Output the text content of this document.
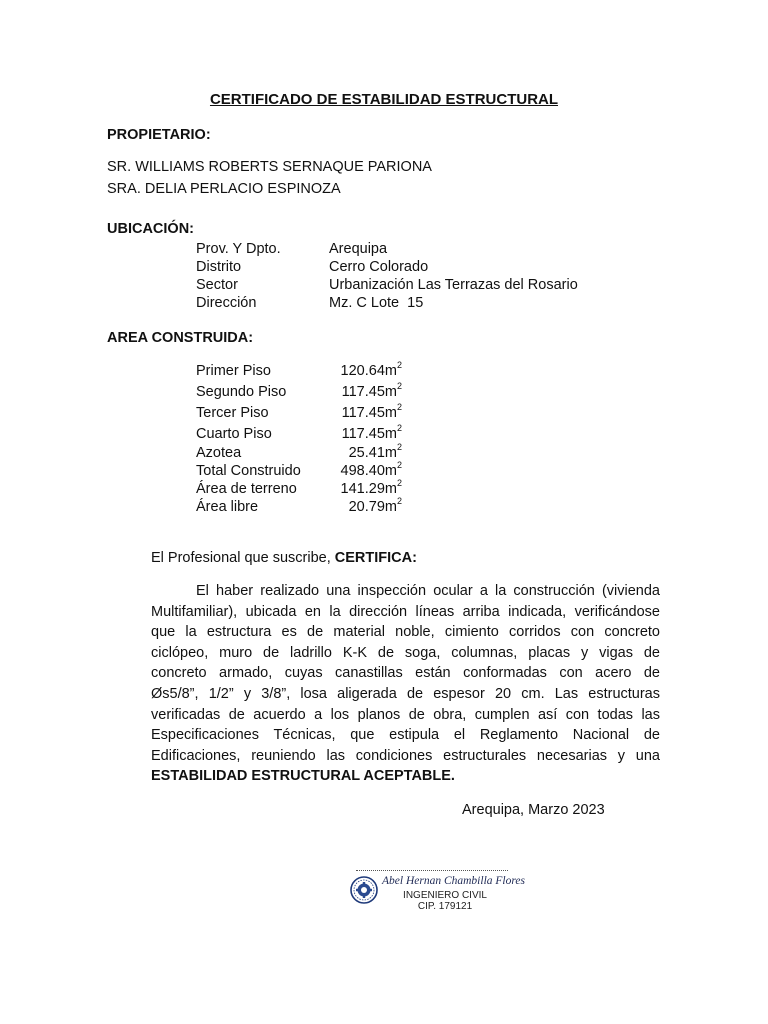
CERTIFICADO DE ESTABILIDAD ESTRUCTURAL
PROPIETARIO:
SR. WILLIAMS ROBERTS SERNAQUE PARIONA
SRA. DELIA PERLACIO ESPINOZA
UBICACIÓN:
Prov. Y Dpto.	Arequipa
Distrito	Cerro Colorado
Sector	Urbanización Las Terrazas del Rosario
Dirección	Mz. C Lote  15
AREA CONSTRUIDA:
Primer Piso	$120.64m^2$
Segundo Piso	$117.45m^2$
Tercer Piso	$117.45m^2$
Cuarto Piso	$117.45m^2$
Azotea	$25.41m^2$
Total Construido	$498.40m^2$
Área de terreno	$141.29m^2$
Área libre	$20.79m^2$
El Profesional que suscribe, CERTIFICA:
El haber realizado una inspección ocular a la construcción (vivienda
Multifamiliar), ubicada en la dirección líneas arriba indicada, verificándose
que la estructura es de material noble, cimiento corridos con concreto
ciclópeo, muro de ladrillo K-K de soga, columnas, placas y vigas de
concreto armado, cuyas canastillas están conformadas con acero de
Øs5/8”, 1/2” y 3/8”, losa aligerada de espesor 20 cm. Las estructuras
verificadas de acuerdo a los planos de obra, cumplen así con todas las
Especificaciones Técnicas, que estipula el Reglamento Nacional de
Edificaciones, reuniendo las condiciones estructurales necesarias y una
ESTABILIDAD ESTRUCTURAL ACEPTABLE.
Arequipa, Marzo 2023
Abel Hernan Chambilla Flores
INGENIERO CIVIL
CIP. 179121
